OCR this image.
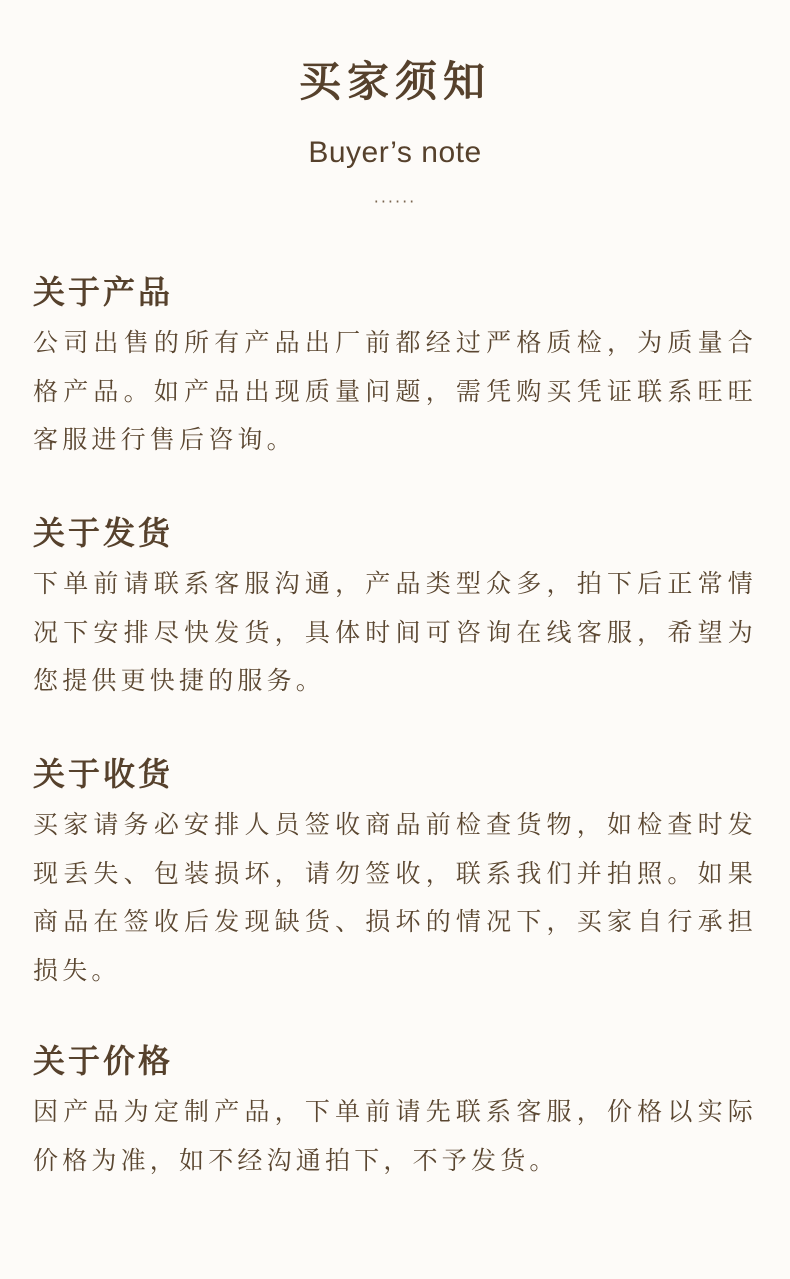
买家须知
Buyer’s note
······
关于产品

公司出售的所有产品出厂前都经过严格质检，为质量合格产品。如产品出现质量问题，需凭购买凭证联系旺旺客服进行售后咨询。

关于发货

下单前请联系客服沟通，产品类型众多，拍下后正常情况下安排尽快发货，具体时间可咨询在线客服，希望为您提供更快捷的服务。

关于收货

买家请务必安排人员签收商品前检查货物，如检查时发现丢失、包装损坏，请勿签收，联系我们并拍照。如果商品在签收后发现缺货、损坏的情况下，买家自行承担损失。

关于价格

因产品为定制产品，下单前请先联系客服，价格以实际价格为准，如不经沟通拍下，不予发货。
